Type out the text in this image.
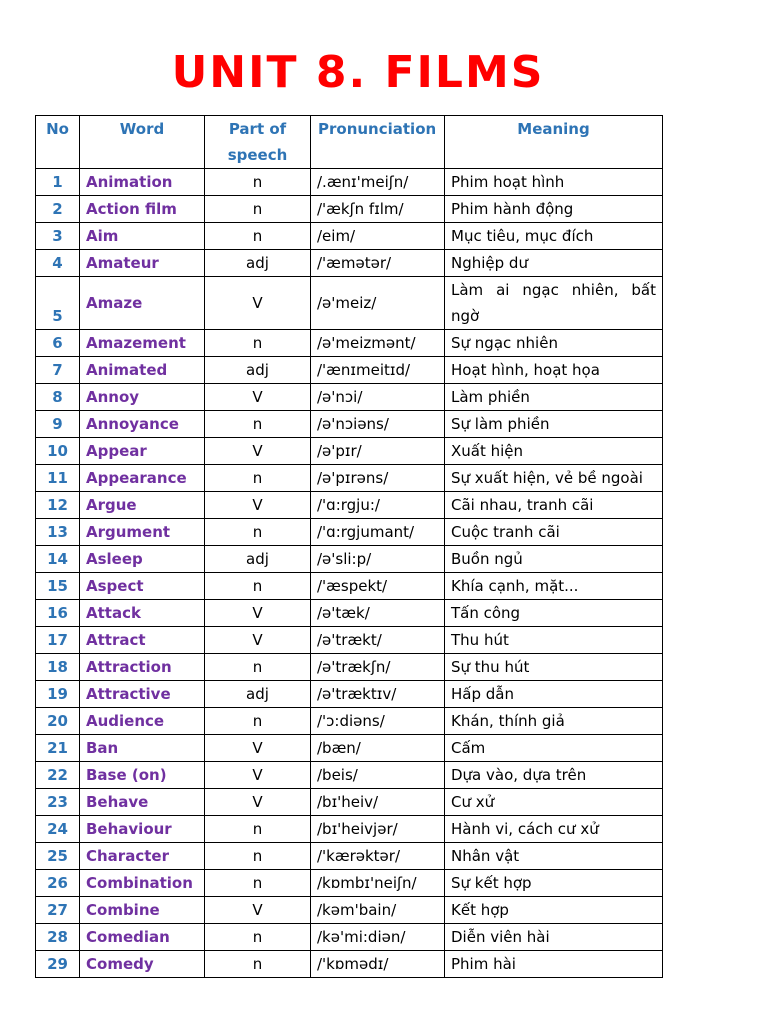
UNIT 8. FILMS
No	Word	Part of speech	Pronunciation	Meaning
1	Animation	n	/.ænɪ'meiʃn/	Phim hoạt hình
2	Action film	n	/'ækʃn fɪlm/	Phim hành động
3	Aim	n	/eim/	Mục tiêu, mục đích
4	Amateur	adj	/'æmətər/	Nghiệp dư
5	Amaze	V	/ə'meiz/	Làm ai ngạc nhiên, bất ngờ
6	Amazement	n	/ə'meizmənt/	Sự ngạc nhiên
7	Animated	adj	/'ænɪmeitɪd/	Hoạt hình, hoạt họa
8	Annoy	V	/ə'nɔi/	Làm phiền
9	Annoyance	n	/ə'nɔiəns/	Sự làm phiền
10	Appear	V	/ə'pɪr/	Xuất hiện
11	Appearance	n	/ə'pɪrəns/	Sự xuất hiện, vẻ bề ngoài
12	Argue	V	/'ɑ:rgju:/	Cãi nhau, tranh cãi
13	Argument	n	/'ɑ:rgjumant/	Cuộc tranh cãi
14	Asleep	adj	/ə'sli:p/	Buồn ngủ
15	Aspect	n	/'æspekt/	Khía cạnh, mặt...
16	Attack	V	/ə'tæk/	Tấn công
17	Attract	V	/ə'trækt/	Thu hút
18	Attraction	n	/ə'trækʃn/	Sự thu hút
19	Attractive	adj	/ə'træktɪv/	Hấp dẫn
20	Audience	n	/'ɔ:diəns/	Khán, thính giả
21	Ban	V	/bæn/	Cấm
22	Base (on)	V	/beis/	Dựa vào, dựa trên
23	Behave	V	/bɪ'heiv/	Cư xử
24	Behaviour	n	/bɪ'heivjər/	Hành vi, cách cư xử
25	Character	n	/'kærəktər/	Nhân vật
26	Combination	n	/kɒmbɪ'neiʃn/	Sự kết hợp
27	Combine	V	/kəm'bain/	Kết hợp
28	Comedian	n	/kə'mi:diən/	Diễn viên hài
29	Comedy	n	/'kɒmədɪ/	Phim hài
